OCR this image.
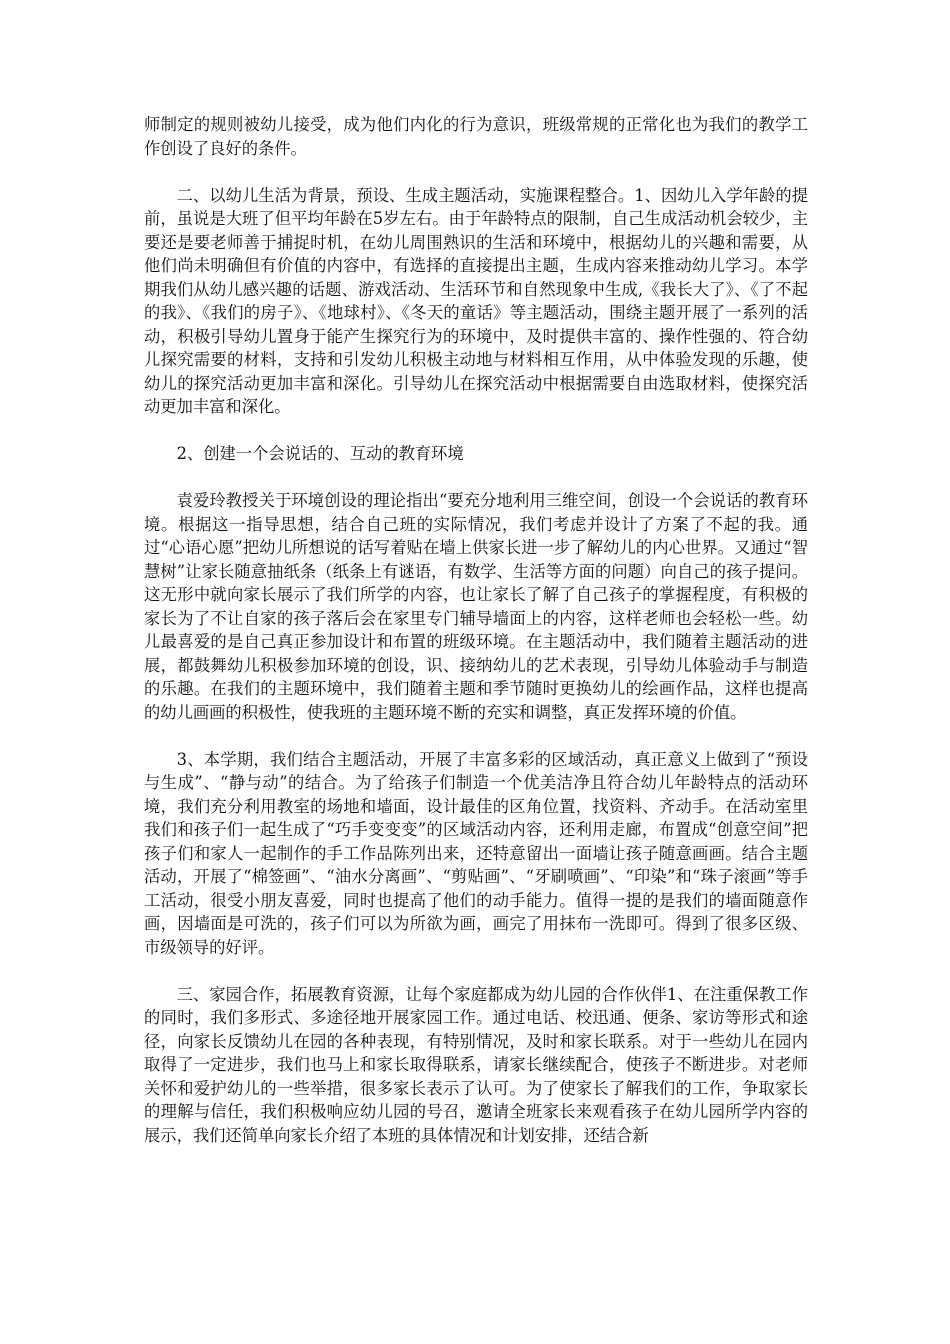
师制定的规则被幼儿接受，成为他们内化的行为意识，班级常规的正常化也为我们的教学工作创设了良好的条件。

二、以幼儿生活为背景，预设、生成主题活动，实施课程整合。1、因幼儿入学年龄的提前，虽说是大班了但平均年龄在5岁左右。由于年龄特点的限制，自己生成活动机会较少，主要还是要老师善于捕捉时机，在幼儿周围熟识的生活和环境中，根据幼儿的兴趣和需要，从他们尚未明确但有价值的内容中，有选择的直接提出主题，生成内容来推动幼儿学习。本学期我们从幼儿感兴趣的话题、游戏活动、生活环节和自然现象中生成,《我长大了》、《了不起的我》、《我们的房子》、《地球村》、《冬天的童话》等主题活动，围绕主题开展了一系列的活动，积极引导幼儿置身于能产生探究行为的环境中，及时提供丰富的、操作性强的、符合幼儿探究需要的材料，支持和引发幼儿积极主动地与材料相互作用，从中体验发现的乐趣，使幼儿的探究活动更加丰富和深化。引导幼儿在探究活动中根据需要自由选取材料，使探究活动更加丰富和深化。

2、创建一个会说话的、互动的教育环境

袁爱玲教授关于环境创设的理论指出“要充分地利用三维空间，创设一个会说话的教育环境。根据这一指导思想，结合自己班的实际情况，我们考虑并设计了方案了不起的我。通过“心语心愿”把幼儿所想说的话写着贴在墙上供家长进一步了解幼儿的内心世界。又通过“智慧树”让家长随意抽纸条（纸条上有谜语，有数学、生活等方面的问题）向自己的孩子提问。这无形中就向家长展示了我们所学的内容，也让家长了解了自己孩子的掌握程度，有积极的家长为了不让自家的孩子落后会在家里专门辅导墙面上的内容，这样老师也会轻松一些。幼儿最喜爱的是自己真正参加设计和布置的班级环境。在主题活动中，我们随着主题活动的进展，都鼓舞幼儿积极参加环境的创设，识、接纳幼儿的艺术表现，引导幼儿体验动手与制造的乐趣。在我们的主题环境中，我们随着主题和季节随时更换幼儿的绘画作品，这样也提高的幼儿画画的积极性，使我班的主题环境不断的充实和调整，真正发挥环境的价值。

3、本学期，我们结合主题活动，开展了丰富多彩的区域活动，真正意义上做到了“预设与生成”、“静与动”的结合。为了给孩子们制造一个优美洁净且符合幼儿年龄特点的活动环境，我们充分利用教室的场地和墙面，设计最佳的区角位置，找资料、齐动手。在活动室里我们和孩子们一起生成了“巧手变变变”的区域活动内容，还利用走廊，布置成“创意空间”把孩子们和家人一起制作的手工作品陈列出来，还特意留出一面墙让孩子随意画画。结合主题活动，开展了“棉签画”、“油水分离画”、“剪贴画”、“牙刷喷画”、“印染”和“珠子滚画”等手工活动，很受小朋友喜爱，同时也提高了他们的动手能力。值得一提的是我们的墙面随意作画，因墙面是可洗的，孩子们可以为所欲为画，画完了用抹布一洗即可。得到了很多区级、市级领导的好评。

三、家园合作，拓展教育资源，让每个家庭都成为幼儿园的合作伙伴1、在注重保教工作的同时，我们多形式、多途径地开展家园工作。通过电话、校迅通、便条、家访等形式和途径，向家长反馈幼儿在园的各种表现，有特别情况，及时和家长联系。对于一些幼儿在园内取得了一定进步，我们也马上和家长取得联系，请家长继续配合，使孩子不断进步。对老师关怀和爱护幼儿的一些举措，很多家长表示了认可。为了使家长了解我们的工作，争取家长的理解与信任，我们积极响应幼儿园的号召，邀请全班家长来观看孩子在幼儿园所学内容的展示，我们还简单向家长介绍了本班的具体情况和计划安排，还结合新
